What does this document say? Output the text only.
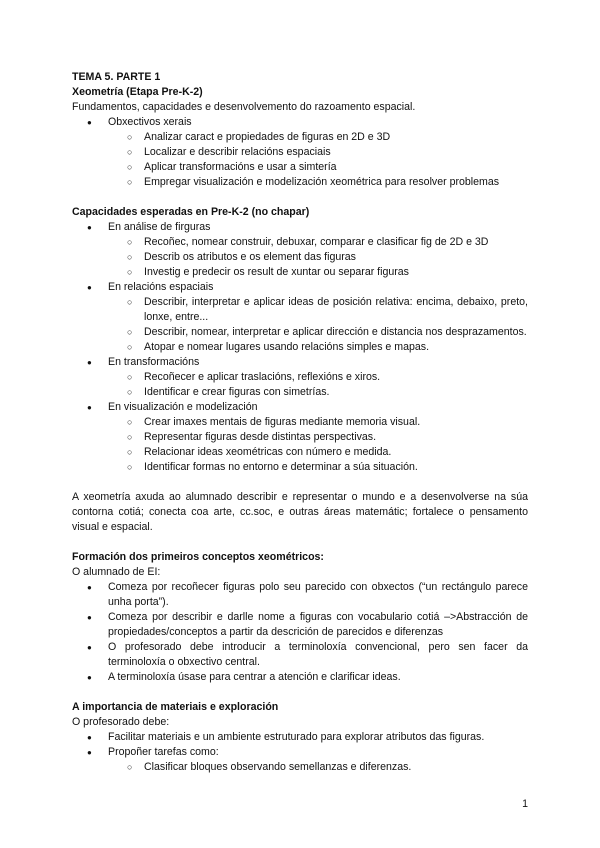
TEMA 5. PARTE 1
Xeometría (Etapa Pre-K-2)
Fundamentos, capacidades e desenvolvemento do razoamento espacial.
● Obxectivos xerais
○ Analizar caract e propiedades de figuras en 2D e 3D
○ Localizar e describir relacións espaciais
○ Aplicar transformacións e usar a simtería
○ Empregar visualización e modelización xeométrica para resolver problemas
Capacidades esperadas en Pre-K-2 (no chapar)
● En análise de firguras
○ Recoñec, nomear construir, debuxar, comparar e clasificar fig de 2D e 3D
○ Describ os atributos e os element das figuras
○ Investig e predecir os result de xuntar ou separar figuras
● En relacións espaciais
○ Describir, interpretar e aplicar ideas de posición relativa: encima, debaixo, preto, lonxe, entre...
○ Describir, nomear, interpretar e aplicar dirección e distancia nos desprazamentos.
○ Atopar e nomear lugares usando relacións simples e mapas.
● En transformacións
○ Recoñecer e aplicar traslacións, reflexións e xiros.
○ Identificar e crear figuras con simetrías.
● En visualización e modelización
○ Crear imaxes mentais de figuras mediante memoria visual.
○ Representar figuras desde distintas perspectivas.
○ Relacionar ideas xeométricas con número e medida.
○ Identificar formas no entorno e determinar a súa situación.
A xeometría axuda ao alumnado describir e representar o mundo e a desenvolverse na súa contorna cotiá; conecta coa arte, cc.soc, e outras áreas matemátic; fortalece o pensamento visual e espacial.
Formación dos primeiros conceptos xeométricos:
O alumnado de EI:
● Comeza por recoñecer figuras polo seu parecido con obxectos (“un rectángulo parece unha porta”).
● Comeza por describir e darlle nome a figuras con vocabulario cotiá –>Abstracción de propiedades/conceptos a partir da descrición de parecidos e diferenzas
● O profesorado debe introducir a terminoloxía convencional, pero sen facer da terminoloxía o obxectivo central.
● A terminoloxía úsase para centrar a atención e clarificar ideas.
A importancia de materiais e exploración
O profesorado debe:
● Facilitar materiais e un ambiente estruturado para explorar atributos das figuras.
● Propoñer tarefas como:
○ Clasificar bloques observando semellanzas e diferenzas.
1
